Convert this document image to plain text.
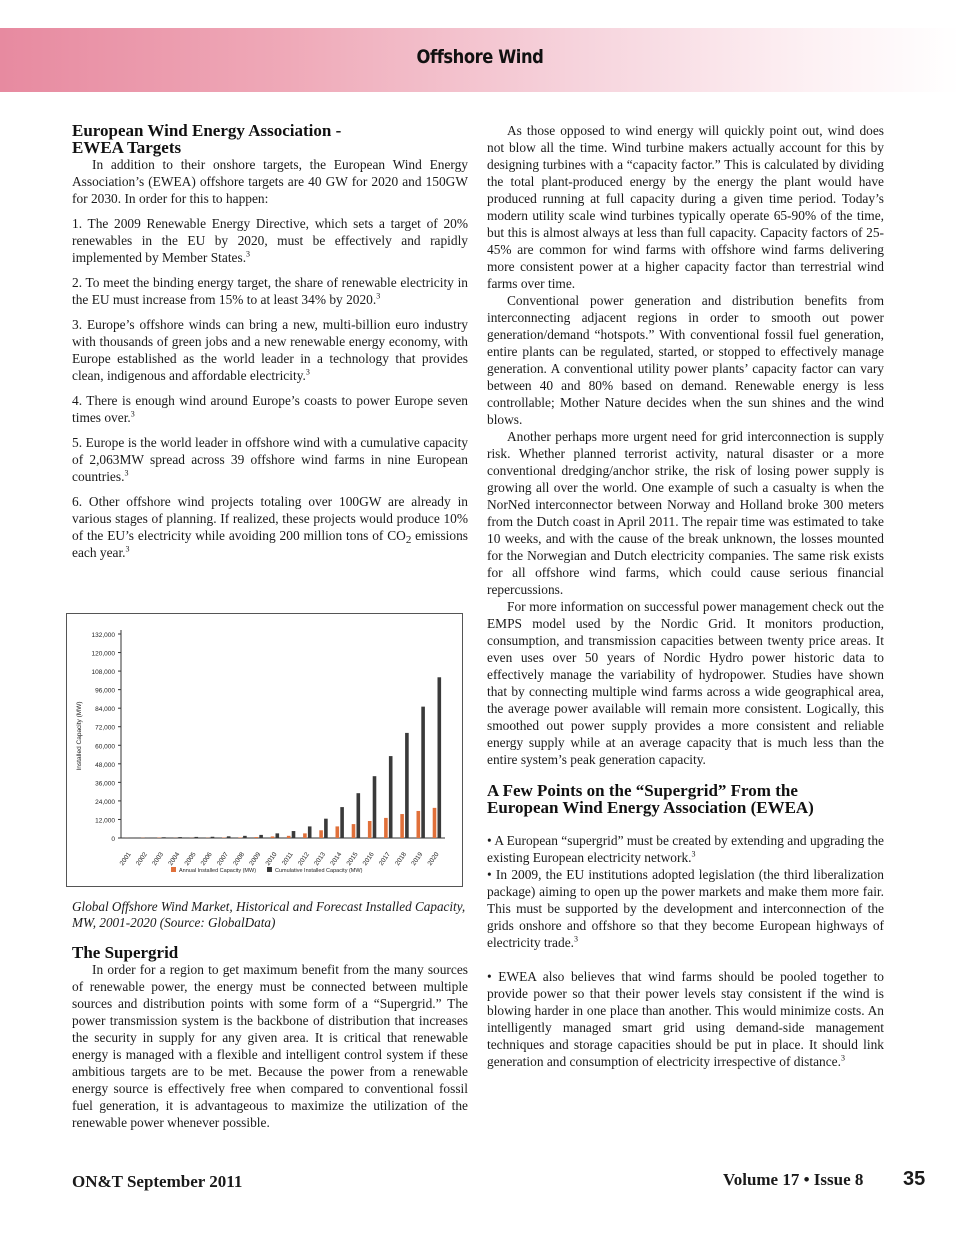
Offshore Wind
European Wind Energy Association -
EWEA Targets

In addition to their onshore targets, the European Wind Energy Association’s (EWEA) offshore targets are 40 GW for 2020 and 150GW for 2030. In order for this to happen:

1. The 2009 Renewable Energy Directive, which sets a target of 20% renewables in the EU by 2020, must be effectively and rapidly implemented by Member States.$^3$

2. To meet the binding energy target, the share of renewable electricity in the EU must increase from 15% to at least 34% by 2020.$^3$

3. Europe’s offshore winds can bring a new, multi-billion euro industry with thousands of green jobs and a new renewable energy economy, with Europe established as the world leader in a technology that provides clean, indigenous and affordable electricity.$^3$

4. There is enough wind around Europe’s coasts to power Europe seven times over.$^3$

5. Europe is the world leader in offshore wind with a cumulative capacity of 2,063MW spread across 39 offshore wind farms in nine European countries.$^3$

6. Other offshore wind projects totaling over 100GW are already in various stages of planning. If realized, these projects would produce 10% of the EU’s electricity while avoiding 200 million tons of $CO_2$ emissions each year.$^3$

0
12,000
24,000
36,000
48,000
60,000
72,000
84,000
96,000
108,000
120,000
132,000
Installed Capacity (MW)
2001 2002 2003 2004 2005 2006 2007 2008 2009 2010 2011 2012 2013 2014 2015 2016 2017 2018 2019 2020
Annual Installed Capacity (MW)	Cumulative Installed Capacity (MW)
Global Offshore Wind Market, Historical and Forecast Installed Capacity, MW, 2001-2020 (Source: GlobalData)
The Supergrid

In order for a region to get maximum benefit from the many sources of renewable power, the energy must be connected between multiple sources and distribution points with some form of a “Supergrid.” The power transmission system is the backbone of distribution that increases the security in supply for any given area. It is critical that renewable energy is managed with a flexible and intelligent control system if these ambitious targets are to be met. Because the power from a renewable energy source is effectively free when compared to conventional fossil fuel generation, it is advantageous to maximize the utilization of the renewable power whenever possible.

As those opposed to wind energy will quickly point out, wind does not blow all the time. Wind turbine makers actually account for this by designing turbines with a “capacity factor.” This is calculated by dividing the total plant-produced energy by the energy the plant would have produced running at full capacity during a given time period. Today’s modern utility scale wind turbines typically operate 65-90% of the time, but this is almost always at less than full capacity. Capacity factors of 25-45% are common for wind farms with offshore wind farms delivering more consistent power at a higher capacity factor than terrestrial wind farms over time.

Conventional power generation and distribution benefits from interconnecting adjacent regions in order to smooth out power generation/demand “hotspots.” With conventional fossil fuel generation, entire plants can be regulated, started, or stopped to effectively manage generation. A conventional utility power plants’ capacity factor can vary between 40 and 80% based on demand. Renewable energy is less controllable; Mother Nature decides when the sun shines and the wind blows.

Another perhaps more urgent need for grid interconnection is supply risk. Whether planned terrorist activity, natural disaster or a more conventional dredging/anchor strike, the risk of losing power supply is growing all over the world. One example of such a casualty is when the NorNed interconnector between Norway and Holland broke 300 meters from the Dutch coast in April 2011. The repair time was estimated to take 10 weeks, and with the cause of the break unknown, the losses mounted for the Norwegian and Dutch electricity companies. The same risk exists for all offshore wind farms, which could cause serious financial repercussions.

For more information on successful power management check out the EMPS model used by the Nordic Grid. It monitors production, consumption, and transmission capacities between twenty price areas. It even uses over 50 years of Nordic Hydro power historic data to effectively manage the variability of hydropower. Studies have shown that by connecting multiple wind farms across a wide geographical area, the average power available will remain more consistent. Logically, this smoothed out power supply provides a more consistent and reliable energy supply while at an average capacity that is much less than the entire system’s peak generation capacity.

A Few Points on the “Supergrid” From the
European Wind Energy Association (EWEA)

• A European “supergrid” must be created by extending and upgrading the existing European electricity network.$^3$

• In 2009, the EU institutions adopted legislation (the third liberalization package) aiming to open up the power markets and make them more fair. This must be supported by the development and interconnection of the grids onshore and offshore so that they become European highways of electricity trade.$^3$

• EWEA also believes that wind farms should be pooled together to provide power so that their power levels stay consistent if the wind is blowing harder in one place than another. This would minimize costs. An intelligently managed smart grid using demand-side management techniques and storage capacities should be put in place. It should link generation and consumption of electricity irrespective of distance.$^3$

ON&T September 2011	Volume 17 • Issue 8 35
